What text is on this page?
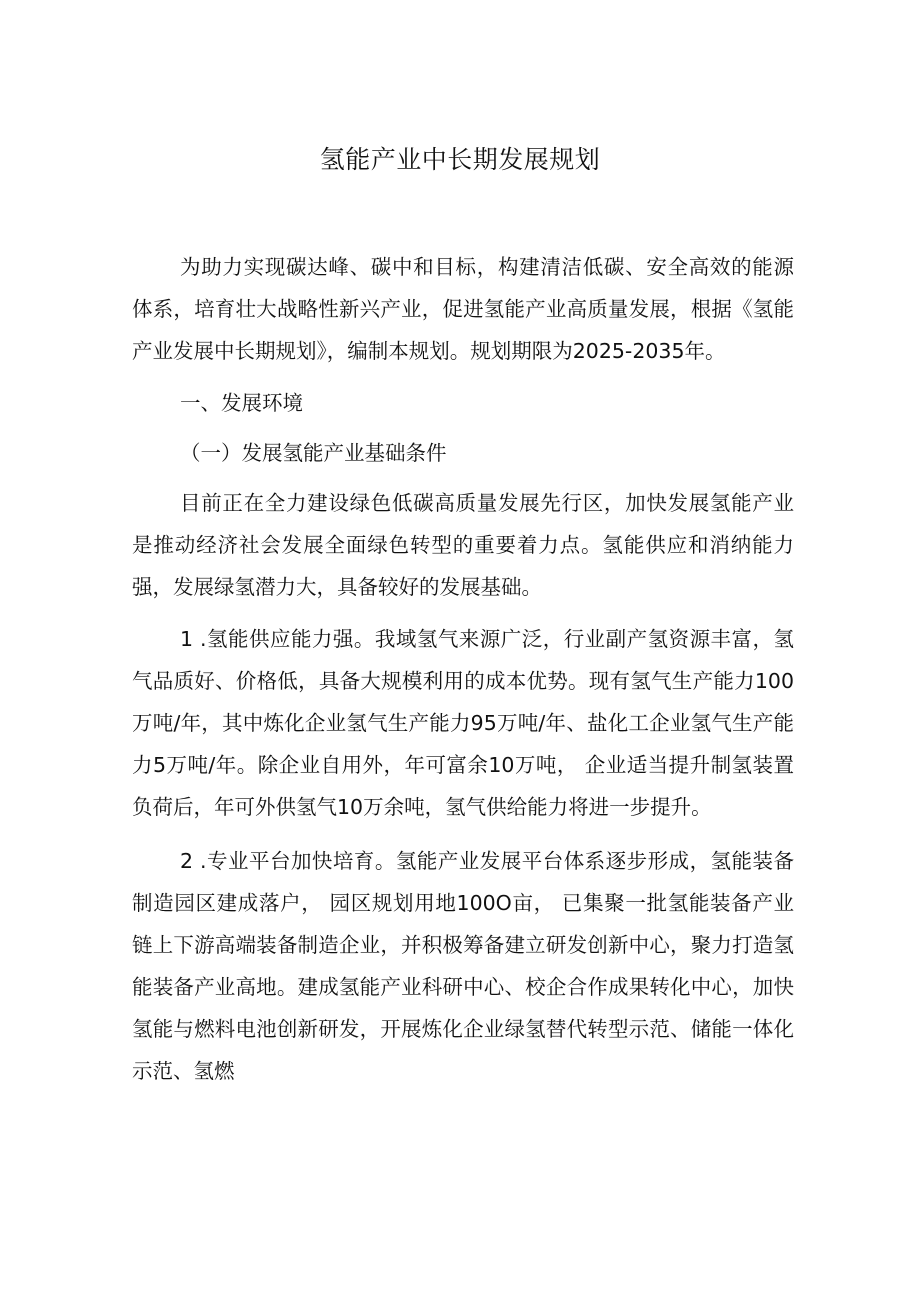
氢能产业中长期发展规划

为助力实现碳达峰、碳中和目标，构建清洁低碳、安全高效的能源体系，培育壮大战略性新兴产业，促进氢能产业高质量发展，根据《氢能产业发展中长期规划》，编制本规划。规划期限为2025-2035年。

一、发展环境

（一）发展氢能产业基础条件

目前正在全力建设绿色低碳高质量发展先行区，加快发展氢能产业是推动经济社会发展全面绿色转型的重要着力点。氢能供应和消纳能力强，发展绿氢潜力大，具备较好的发展基础。

1 .氢能供应能力强。我域氢气来源广泛，行业副产氢资源丰富，氢气品质好、价格低，具备大规模利用的成本优势。现有氢气生产能力100万吨/年，其中炼化企业氢气生产能力95万吨/年、盐化工企业氢气生产能力5万吨/年。除企业自用外，年可富余10万吨， 企业适当提升制氢装置负荷后，年可外供氢气10万余吨，氢气供给能力将进一步提升。

2 .专业平台加快培育。氢能产业发展平台体系逐步形成，氢能装备制造园区建成落户， 园区规划用地100O亩， 已集聚一批氢能装备产业链上下游高端装备制造企业，并积极筹备建立研发创新中心，聚力打造氢能装备产业高地。建成氢能产业科研中心、校企合作成果转化中心，加快氢能与燃料电池创新研发，开展炼化企业绿氢替代转型示范、储能一体化示范、氢燃
